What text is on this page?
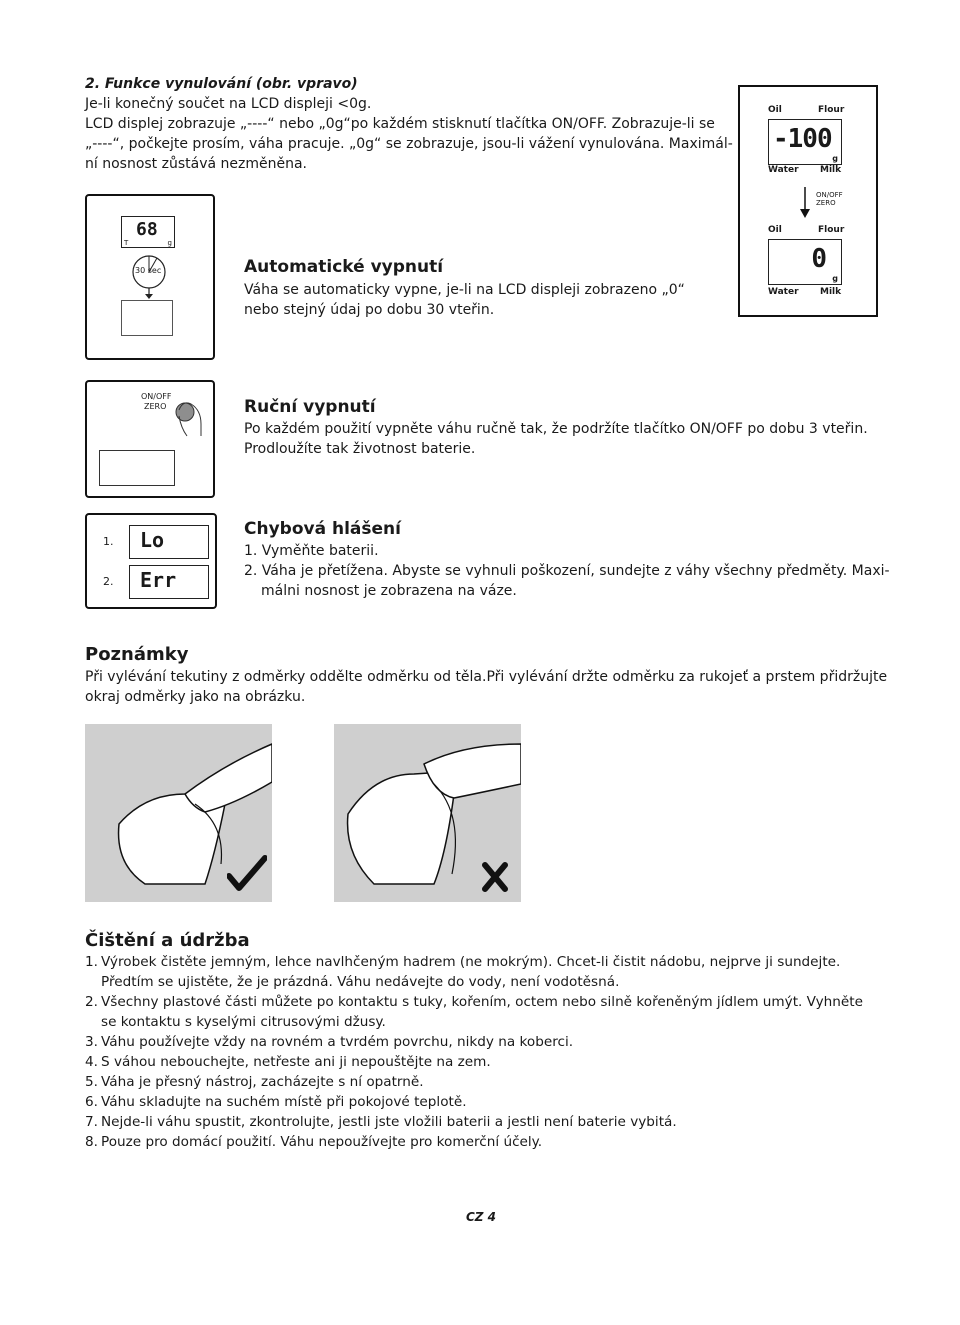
2. Funkce vynulování (obr. vpravo)
Je-li konečný součet na LCD displeji <0g.
LCD displej zobrazuje „----“ nebo „0g“po každém stisknutí tlačítka ON/OFF. Zobrazuje-li se
„----“, počkejte prosím, váha pracuje. „0g“ se zobrazuje, jsou-li vážení vynulována. Maximál-
ní nosnost zůstává nezměněna.
Oil	Flour
-100
g
Water Milk
ON/OFF
ZERO
Oil	Flour
0
g
Water Milk
68
T	g
30 sec	Automatické vypnutí
Váha se automaticky vypne, je-li na LCD displeji zobrazeno „0“
nebo stejný údaj po dobu 30 vteřin.
ON/OFF
ZERO	Ruční vypnutí
Po každém použití vypněte váhu ručně tak, že podržíte tlačítko ON/OFF po dobu 3 vteřin.
Prodloužíte tak životnost baterie.
1. Lo
2. Err
Chybová hlášení
1. Vyměňte baterii.
2. Váha je přetížena. Abyste se vyhnuli poškození, sundejte z váhy všechny předměty. Maxi-
málni nosnost je zobrazena na váze.
Poznámky
Při vylévání tekutiny z odměrky oddělte odměrku od těla.Při vylévání držte odměrku za rukojeť a prstem přidržujte
okraj odměrky jako na obrázku.
Čištění a údržba
1. Výrobek čistěte jemným, lehce navlhčeným hadrem (ne mokrým). Chcet-li čistit nádobu, nejprve ji sundejte.
Předtím se ujistěte, že je prázdná. Váhu nedávejte do vody, není vodotěsná.
2. Všechny plastové části můžete po kontaktu s tuky, kořením, octem nebo silně kořeněným jídlem umýt. Vyhněte
se kontaktu s kyselými citrusovými džusy.
3. Váhu používejte vždy na rovném a tvrdém povrchu, nikdy na koberci.
4. S váhou nebouchejte, netřeste ani ji nepouštějte na zem.
5. Váha je přesný nástroj, zacházejte s ní opatrně.
6. Váhu skladujte na suchém místě při pokojové teplotě.
7. Nejde-li váhu spustit, zkontrolujte, jestli jste vložili baterii a jestli není baterie vybitá.
8. Pouze pro domácí použití. Váhu nepoužívejte pro komerční účely.
CZ 4
